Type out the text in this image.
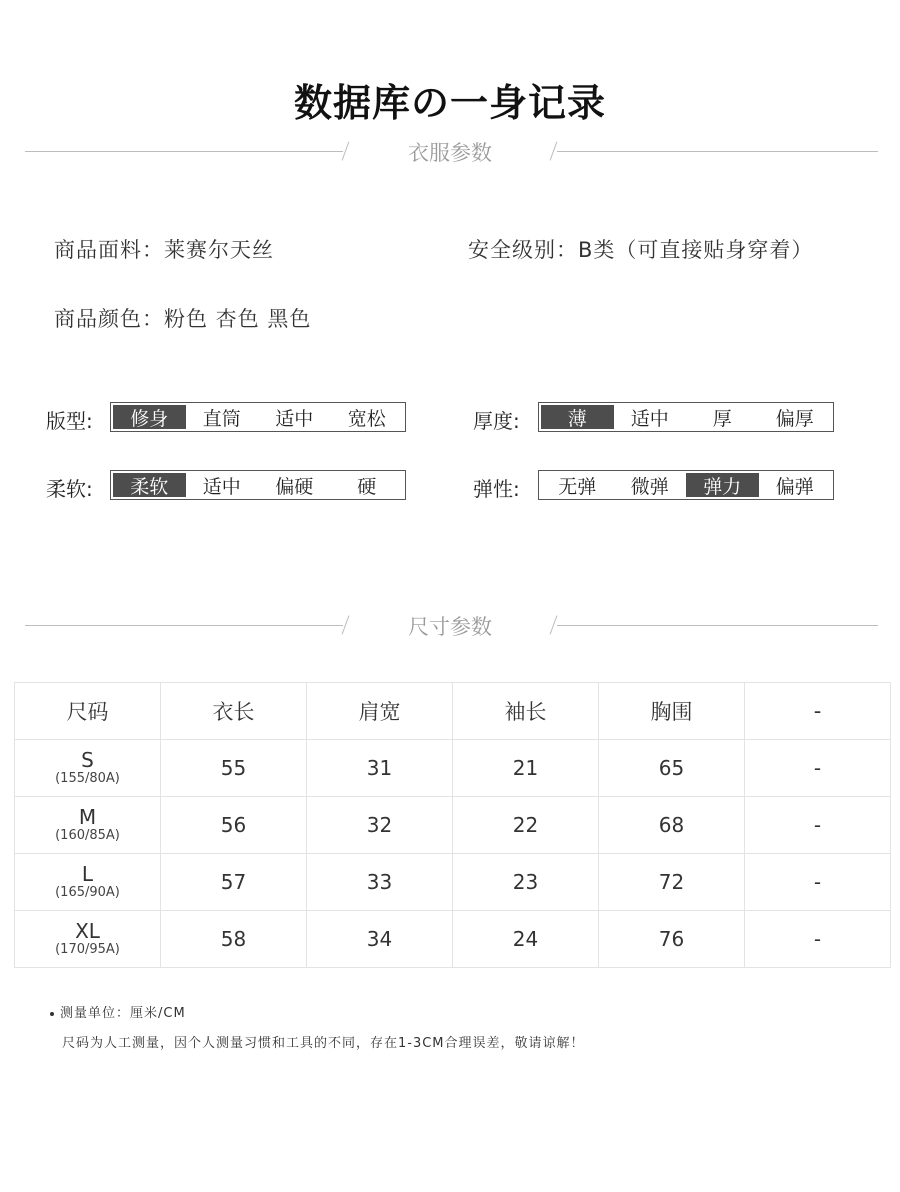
数据库の一身记录
衣服参数
商品面料：莱赛尔天丝	安全级别：B类（可直接贴身穿着）
商品颜色：粉色 杏色 黑色
版型:	修身	直筒	适中	宽松	厚度:	薄	适中	厚	偏厚
柔软:	柔软	适中	偏硬	硬	弹性:	无弹	微弹	弹力	偏弹
尺寸参数
尺码	衣长	肩宽	袖长	胸围	-

S
(155/80A)	55	31	21	65	-

M
(160/85A)	56	32	22	68	-

L
(165/90A)	57	33	23	72	-

XL
(170/95A)	58	34	24	76	-
测量单位：厘米/CM
尺码为人工测量，因个人测量习惯和工具的不同，存在1-3CM合理误差，敬请谅解！
